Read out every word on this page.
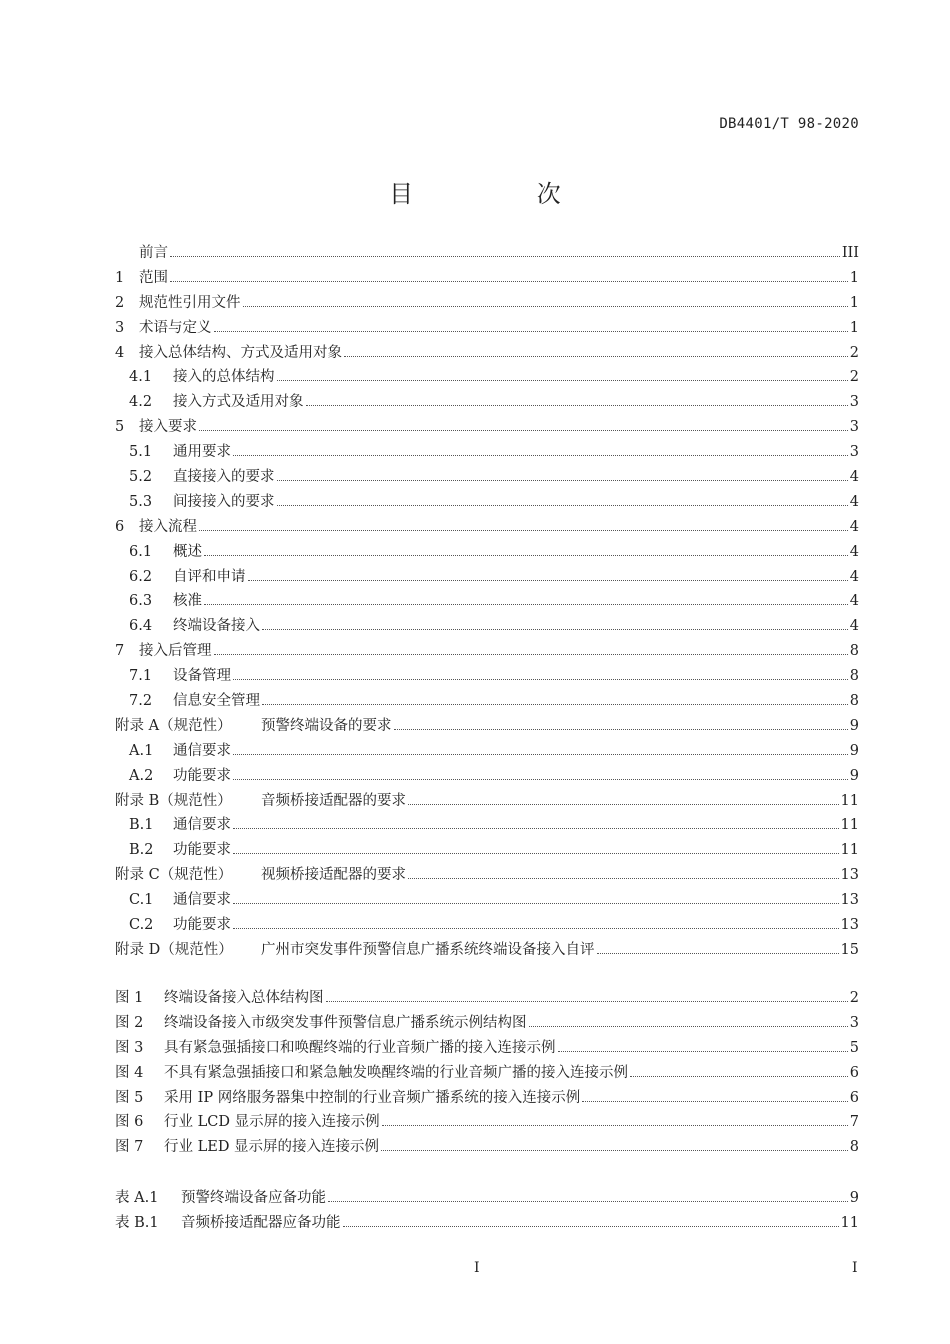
DB4401/T 98-2020
目 次
前言	III
1	范围	1
2	规范性引用文件	1
3	术语与定义	1
4	接入总体结构、方式及适用对象	2
4.1	接入的总体结构	2
4.2	接入方式及适用对象	3
5	接入要求	3
5.1	通用要求	3
5.2	直接接入的要求	4
5.3	间接接入的要求	4
6	接入流程	4
6.1	概述	4
6.2	自评和申请	4
6.3	核准	4
6.4	终端设备接入	4
7	接入后管理	8
7.1	设备管理	8
7.2	信息安全管理	8
附录 A（规范性）	预警终端设备的要求	9
A.1	通信要求	9
A.2	功能要求	9
附录 B（规范性）	音频桥接适配器的要求	11
B.1	通信要求	11
B.2	功能要求	11
附录 C（规范性）	视频桥接适配器的要求	13
C.1	通信要求	13
C.2	功能要求	13
附录 D（规范性）	广州市突发事件预警信息广播系统终端设备接入自评	15
图 1	终端设备接入总体结构图	2
图 2	终端设备接入市级突发事件预警信息广播系统示例结构图	3
图 3	具有紧急强插接口和唤醒终端的行业音频广播的接入连接示例	5
图 4	不具有紧急强插接口和紧急触发唤醒终端的行业音频广播的接入连接示例	6
图 5	采用 IP 网络服务器集中控制的行业音频广播系统的接入连接示例	6
图 6	行业 LCD 显示屏的接入连接示例	7
图 7	行业 LED 显示屏的接入连接示例	8
表 A.1	预警终端设备应备功能	9
表 B.1	音频桥接适配器应备功能	11
I	I
